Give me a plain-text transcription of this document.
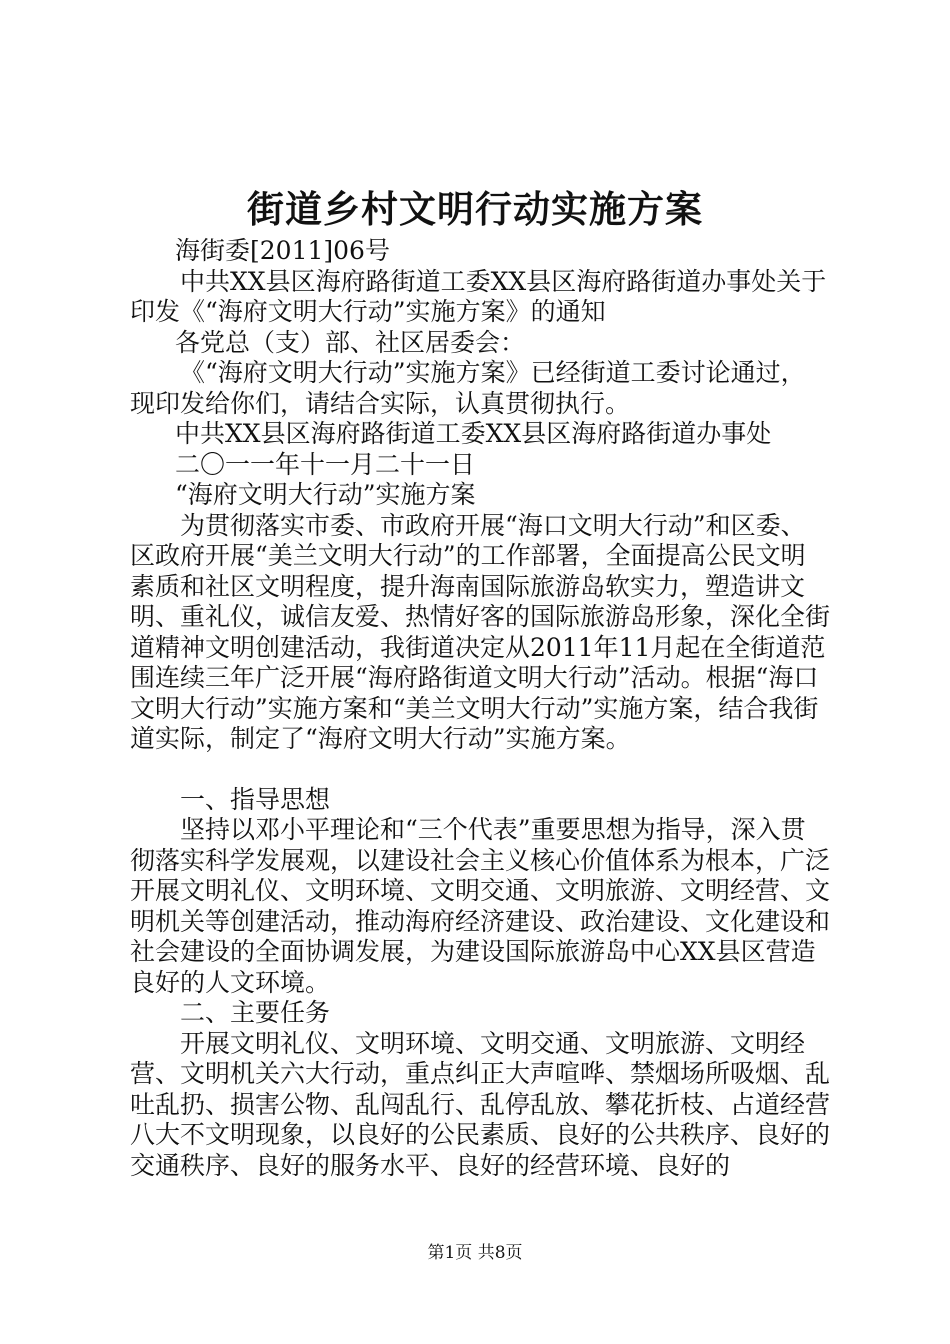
街道乡村文明行动实施方案

海街委[2011]06号

中共XX县区海府路街道工委XX县区海府路街道办事处关于印发《“海府文明大行动”实施方案》的通知

各党总（支）部、社区居委会：

《“海府文明大行动”实施方案》已经街道工委讨论通过，现印发给你们，请结合实际，认真贯彻执行。

中共XX县区海府路街道工委XX县区海府路街道办事处

二〇一一年十一月二十一日

“海府文明大行动”实施方案

为贯彻落实市委、市政府开展“海口文明大行动”和区委、区政府开展“美兰文明大行动”的工作部署，全面提高公民文明素质和社区文明程度，提升海南国际旅游岛软实力，塑造讲文明、重礼仪，诚信友爱、热情好客的国际旅游岛形象，深化全街道精神文明创建活动，我街道决定从2011年11月起在全街道范围连续三年广泛开展“海府路街道文明大行动”活动。根据“海口文明大行动”实施方案和“美兰文明大行动”实施方案，结合我街道实际，制定了“海府文明大行动”实施方案。

一、指导思想

坚持以邓小平理论和“三个代表”重要思想为指导，深入贯彻落实科学发展观，以建设社会主义核心价值体系为根本，广泛开展文明礼仪、文明环境、文明交通、文明旅游、文明经营、文明机关等创建活动，推动海府经济建设、政治建设、文化建设和社会建设的全面协调发展，为建设国际旅游岛中心XX县区营造良好的人文环境。

二、主要任务

开展文明礼仪、文明环境、文明交通、文明旅游、文明经营、文明机关六大行动，重点纠正大声喧哗、禁烟场所吸烟、乱吐乱扔、损害公物、乱闯乱行、乱停乱放、攀花折枝、占道经营八大不文明现象，以良好的公民素质、良好的公共秩序、良好的交通秩序、良好的服务水平、良好的经营环境、良好的

第1页 共8页
